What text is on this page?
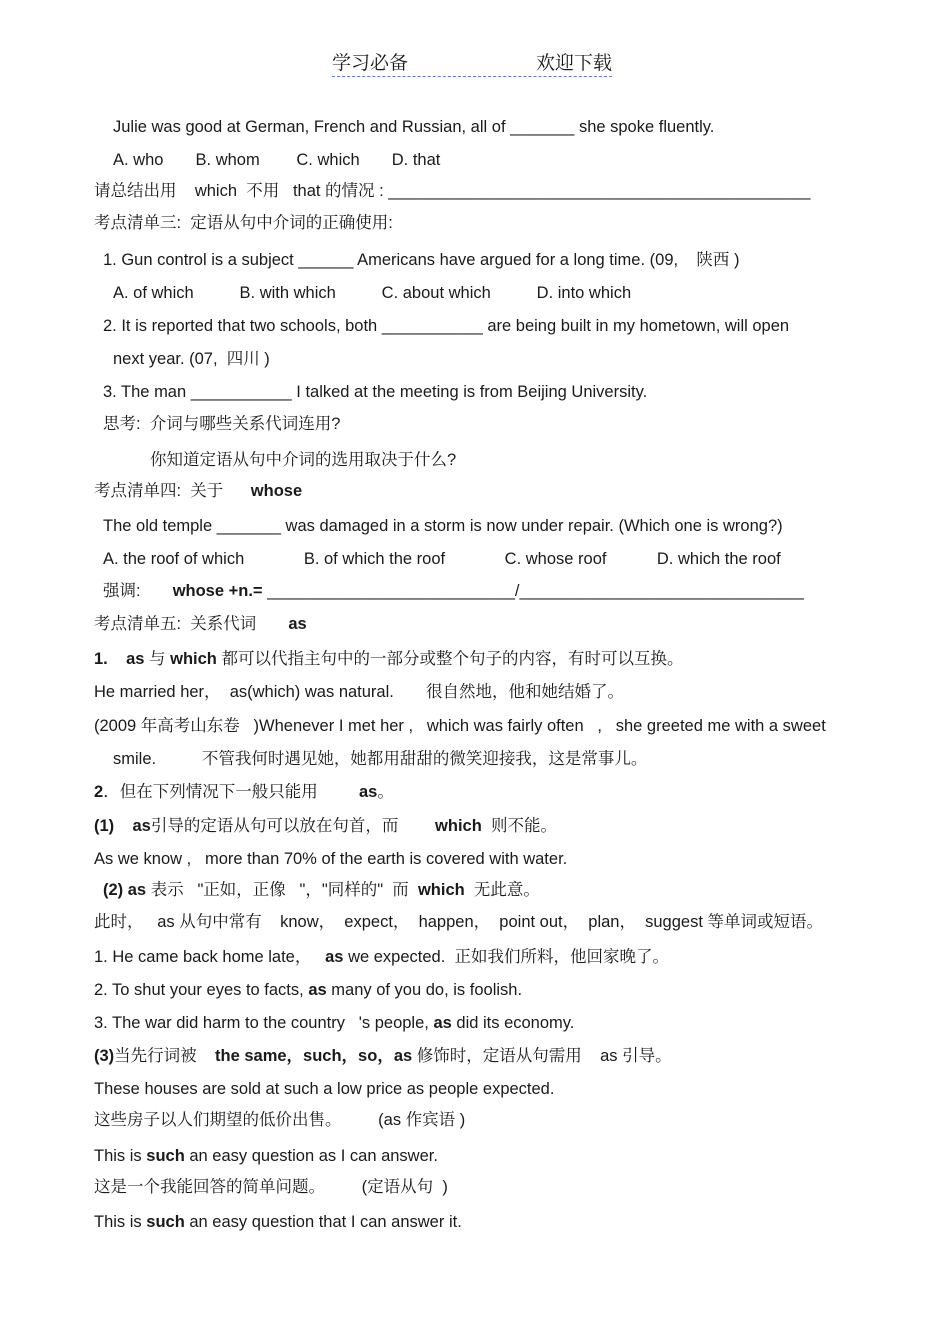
学习必备	欢迎下载
Julie was good at German, French and Russian, all of _______ she spoke fluently.
A. who       B. whom        C. which       D. that
请总结出用    which  不用   that 的情况 : ______________________________________________
考点清单三:  定语从句中介词的正确使用:
1. Gun control is a subject ______ Americans have argued for a long time. (09,    陕西 )
A. of which          B. with which          C. about which          D. into which
2. It is reported that two schools, both ___________ are being built in my hometown, will open
next year. (07,  四川 )
3. The man ___________ I talked at the meeting is from Beijing University.
思考:  介词与哪些关系代词连用?
你知道定语从句中介词的选用取决于什么?
考点清单四:  关于 whose
The old temple _______ was damaged in a storm is now under repair. (Which one is wrong?)
A. the roof of which             B. of which the roof             C. whose roof           D. which the roof
强调: whose +n.= ___________________________/_______________________________
考点清单五:  关系代词 as
1.    as 与 which 都可以代指主句中的一部分或整个句子的内容，有时可以互换。
He married her，  as(which) was natural.       很自然地，他和她结婚了。
(2009 年高考山东卷   )Whenever I met her ,   which was fairly often   ,   she greeted me with a sweet
smile.          不管我何时遇见她，她都用甜甜的微笑迎接我，这是常事儿。
2．但在下列情况下一般只能用	as。
(1)    as引导的定语从句可以放在句首，而 which  则不能。
As we know ,   more than 70% of the earth is covered with water.
(2) as 表示   "正如，正像   "，"同样的"  而 which  无此意。
此时，   as 从句中常有    know，  expect，  happen，  point out，  plan，  suggest 等单词或短语。
1. He came back home late， as we expected.  正如我们所料，他回家晚了。
2. To shut your eyes to facts, as many of you do, is foolish.
3. The war did harm to the country   's people, as did its economy.
(3)当先行词被 the same，such，so，as 修饰时，定语从句需用    as 引导。
These houses are sold at such a low price as people expected.
这些房子以人们期望的低价出售。        (as 作宾语 )
This is such an easy question as I can answer.
这是一个我能回答的简单问题。        (定语从句  )
This is such an easy question that I can answer it.
